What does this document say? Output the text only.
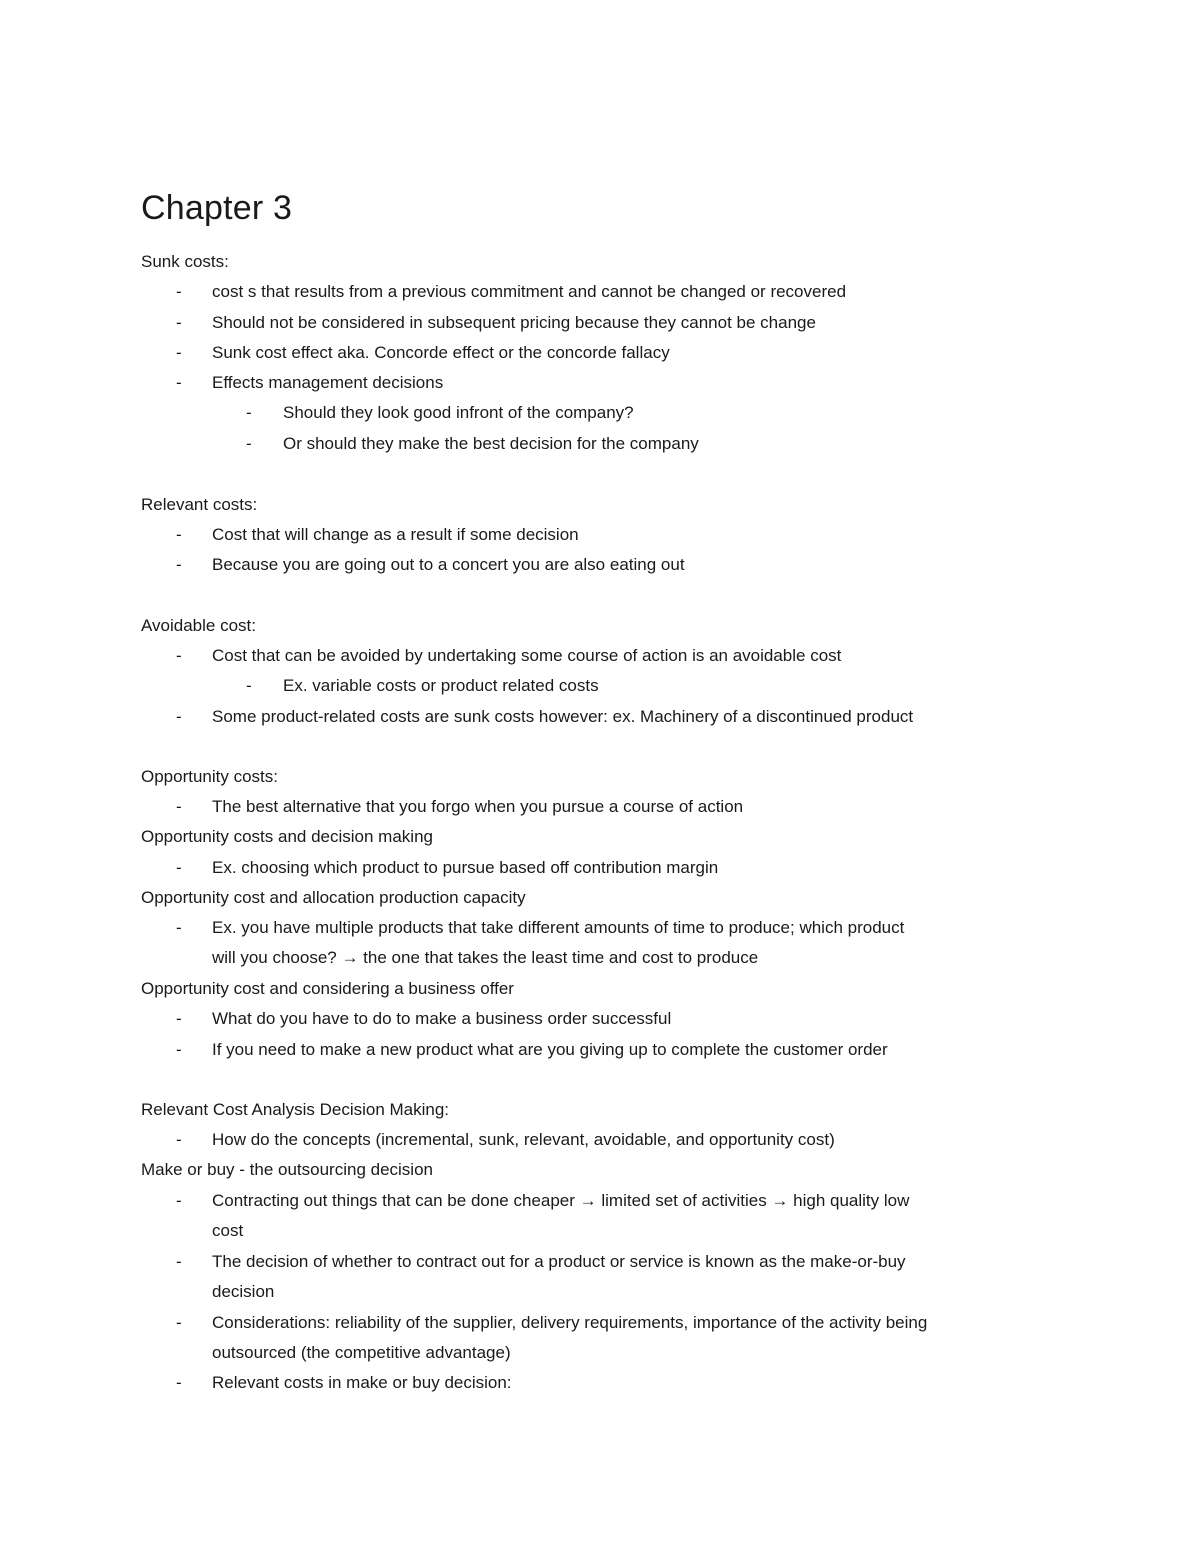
Chapter 3
Sunk costs:
- cost s that results from a previous commitment and cannot be changed or recovered
- Should not be considered in subsequent pricing because they cannot be change
- Sunk cost effect aka. Concorde effect or the concorde fallacy
- Effects management decisions
- Should they look good infront of the company?
- Or should they make the best decision for the company
Relevant costs:
- Cost that will change as a result if some decision
- Because you are going out to a concert you are also eating out
Avoidable cost:
- Cost that can be avoided by undertaking some course of action is an avoidable cost
- Ex. variable costs or product related costs
- Some product-related costs are sunk costs however: ex. Machinery of a discontinued product
Opportunity costs:
- The best alternative that you forgo when you pursue a course of action
Opportunity costs and decision making
- Ex. choosing which product to pursue based off contribution margin
Opportunity cost and allocation production capacity
- Ex. you have multiple products that take different amounts of time to produce; which product
will you choose? → the one that takes the least time and cost to produce
Opportunity cost and considering a business offer
- What do you have to do to make a business order successful
- If you need to make a new product what are you giving up to complete the customer order
Relevant Cost Analysis Decision Making:
- How do the concepts (incremental, sunk, relevant, avoidable, and opportunity cost)
Make or buy - the outsourcing decision
- Contracting out things that can be done cheaper → limited set of activities → high quality low
cost
- The decision of whether to contract out for a product or service is known as the make-or-buy
decision
- Considerations: reliability of the supplier, delivery requirements, importance of the activity being
outsourced (the competitive advantage)
- Relevant costs in make or buy decision:
